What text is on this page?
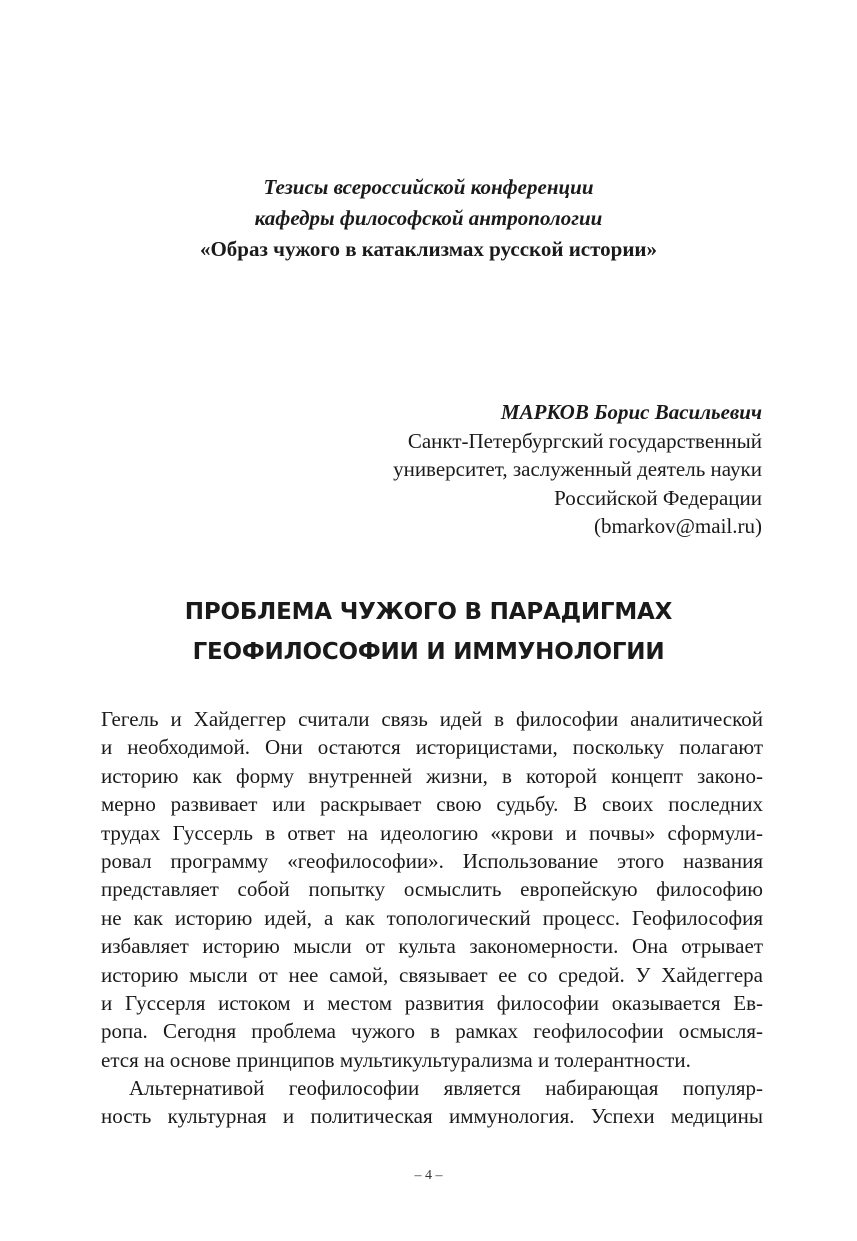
Тезисы всероссийской конференции
кафедры философской антропологии
«Образ чужого в катаклизмах русской истории»
МАРКОВ Борис Васильевич
Санкт-Петербургский государственный
университет, заслуженный деятель науки
Российской Федерации
(bmarkov@mail.ru)
ПРОБЛЕМА ЧУЖОГО В ПАРАДИГМАХ
ГЕОФИЛОСОФИИ И ИММУНОЛОГИИ
Гегель и Хайдеггер считали связь идей в философии аналитической
и необходимой. Они остаются историцистами, поскольку полагают
историю как форму внутренней жизни, в которой концепт законо-
мерно развивает или раскрывает свою судьбу. В своих последних
трудах Гуссерль в ответ на идеологию «крови и почвы» сформули-
ровал программу «геофилософии». Использование этого названия
представляет собой попытку осмыслить европейскую философию
не как историю идей, а как топологический процесс. Геофилософия
избавляет историю мысли от культа закономерности. Она отрывает
историю мысли от нее самой, связывает ее со средой. У Хайдеггера
и Гуссерля истоком и местом развития философии оказывается Ев-
ропа. Сегодня проблема чужого в рамках геофилософии осмысля-
ется на основе принципов мультикультурализма и толерантности.
Альтернативой геофилософии является набирающая популяр-
ность культурная и политическая иммунология. Успехи медицины
– 4 –
